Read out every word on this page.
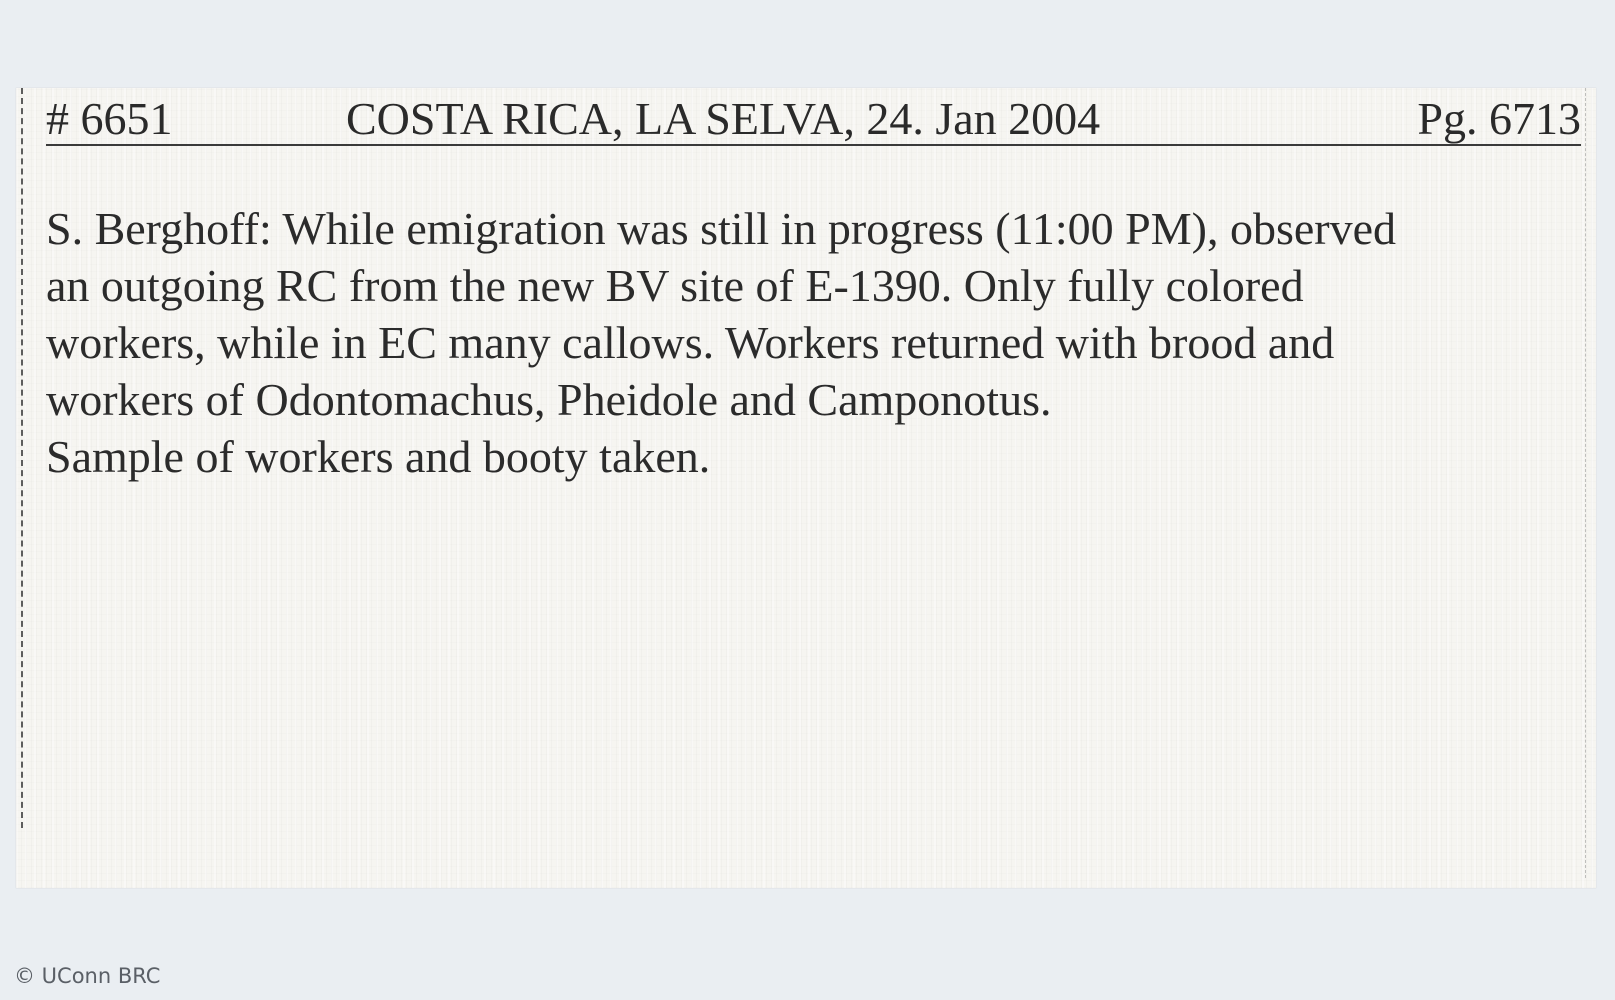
# 6651	COSTA RICA, LA SELVA, 24. Jan 2004	Pg. 6713
S. Berghoff: While emigration was still in progress (11:00 PM), observed
an outgoing RC from the new BV site of E-1390. Only fully colored
workers, while in EC many callows. Workers returned with brood and
workers of Odontomachus, Pheidole and Camponotus.
Sample of workers and booty taken.
© UConn BRC
